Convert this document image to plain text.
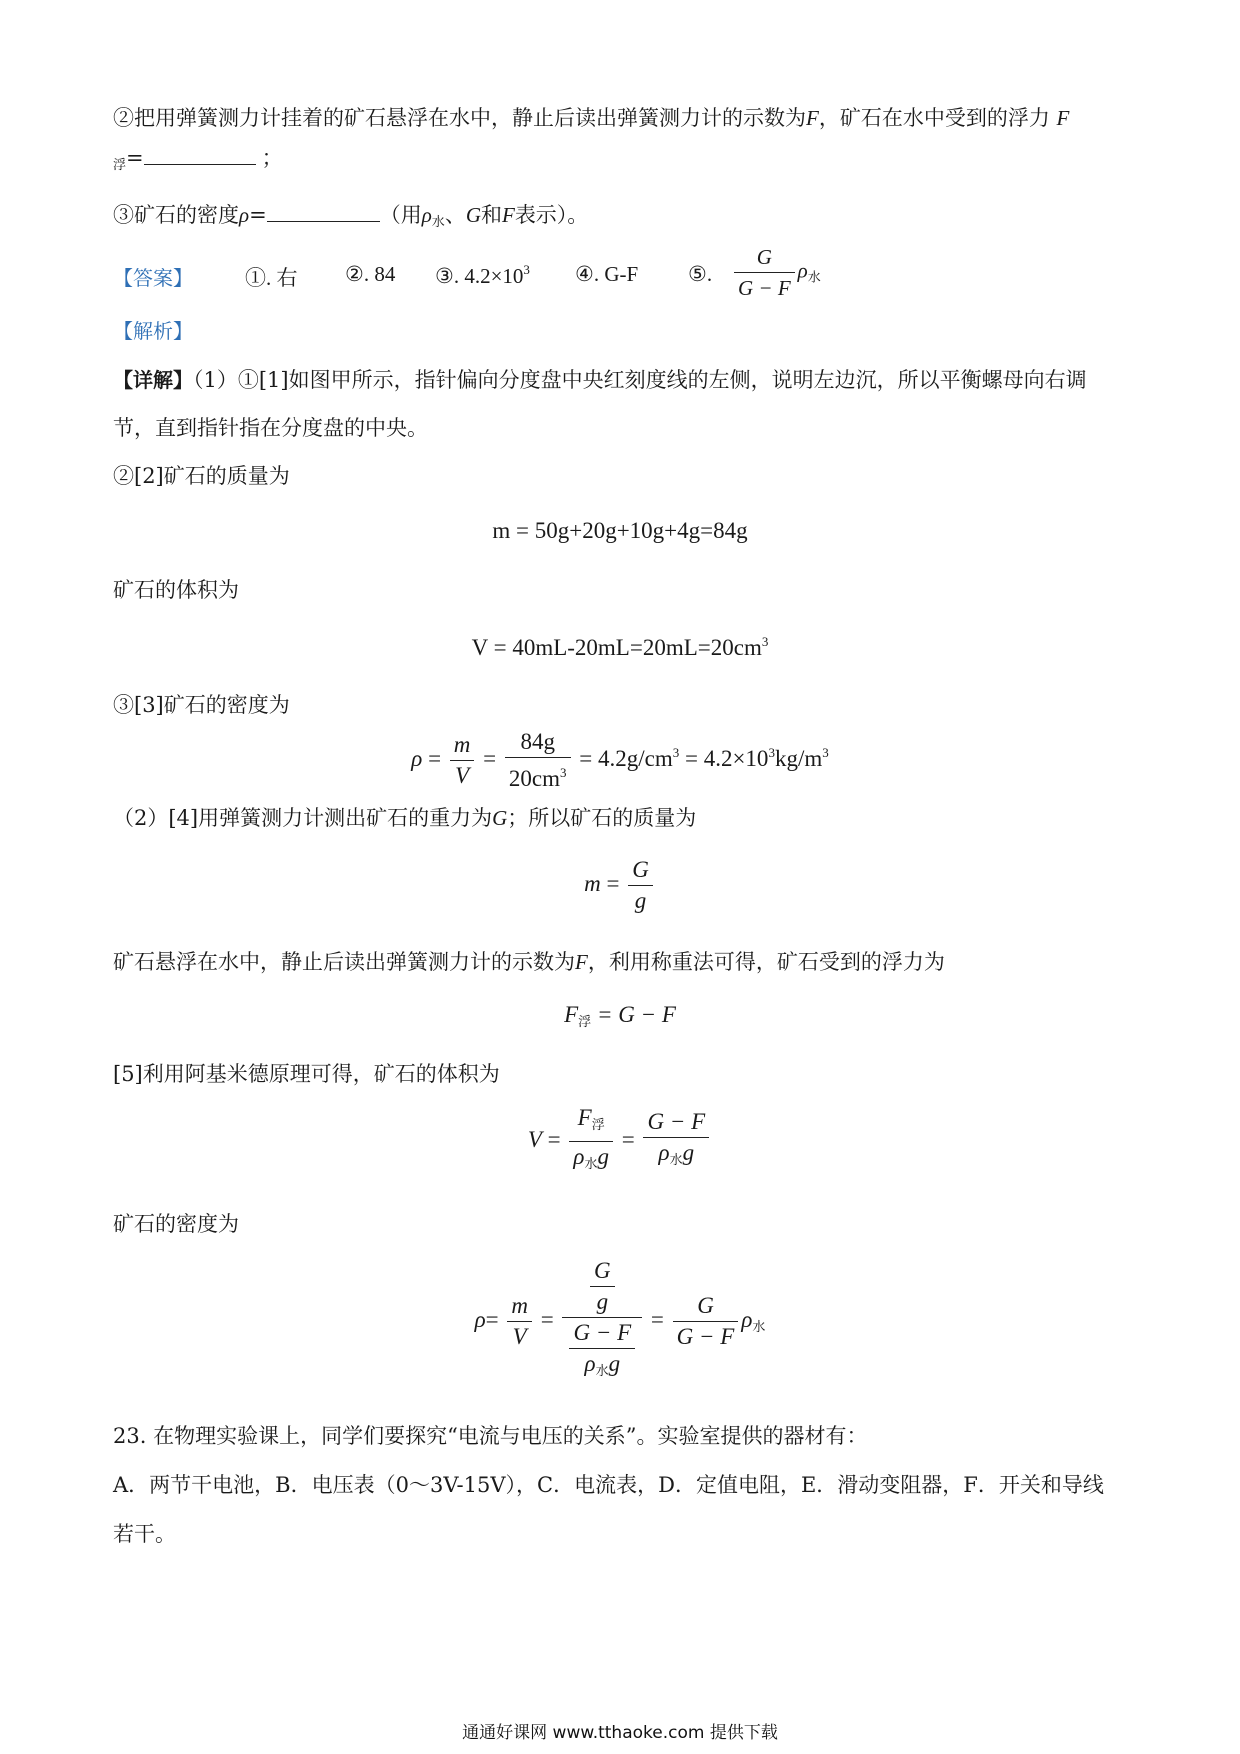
②把用弹簧测力计挂着的矿石悬浮在水中，静止后读出弹簧测力计的示数为F，矿石在水中受到的浮力 F
$_浮$=	；
③矿石的密度ρ=	（用$\rho_水$、G和F表示）。
【答案】 ①. 右 ②. 84 ③. $4.2\times 10^3$ ④. G-F ⑤. $\frac{G}{G - F} \rho_水$
【解析】
【详解】（1）①[1]如图甲所示，指针偏向分度盘中央红刻度线的左侧，说明左边沉，所以平衡螺母向右调
节，直到指针指在分度盘的中央。
②[2]矿石的质量为
m = 50g+20g+10g+4g=84g
矿石的体积为
$V = 40mL-20mL=20mL=20cm^3$
③[3]矿石的密度为
$\rho = \frac{m}{V} = \frac{84g}{20cm^3} = 4.2g/cm^3 = 4.2\times 10^3kg/m^3$
（2）[4]用弹簧测力计测出矿石的重力为G；所以矿石的质量为
$m = \frac{G}{g}$
矿石悬浮在水中，静止后读出弹簧测力计的示数为F，利用称重法可得，矿石受到的浮力为
$F_浮 = G - F$
[5]利用阿基米德原理可得，矿石的体积为
$V = \frac{F_浮}{\rho_水g} = \frac{G - F}{\rho_水g}$
矿石的密度为
$\rho= \frac{m}{V} = \frac{\frac{G}{g}}{\frac{G - F}{\rho_水g}} = \frac{G}{G - F} \rho_水$
23. 在物理实验课上，同学们要探究“电流与电压的关系”。实验室提供的器材有：
A．两节干电池，B．电压表（0～3V-15V），C．电流表，D．定值电阻，E．滑动变阻器，F．开关和导线
若干。
通通好课网 www.tthaoke.com 提供下载
